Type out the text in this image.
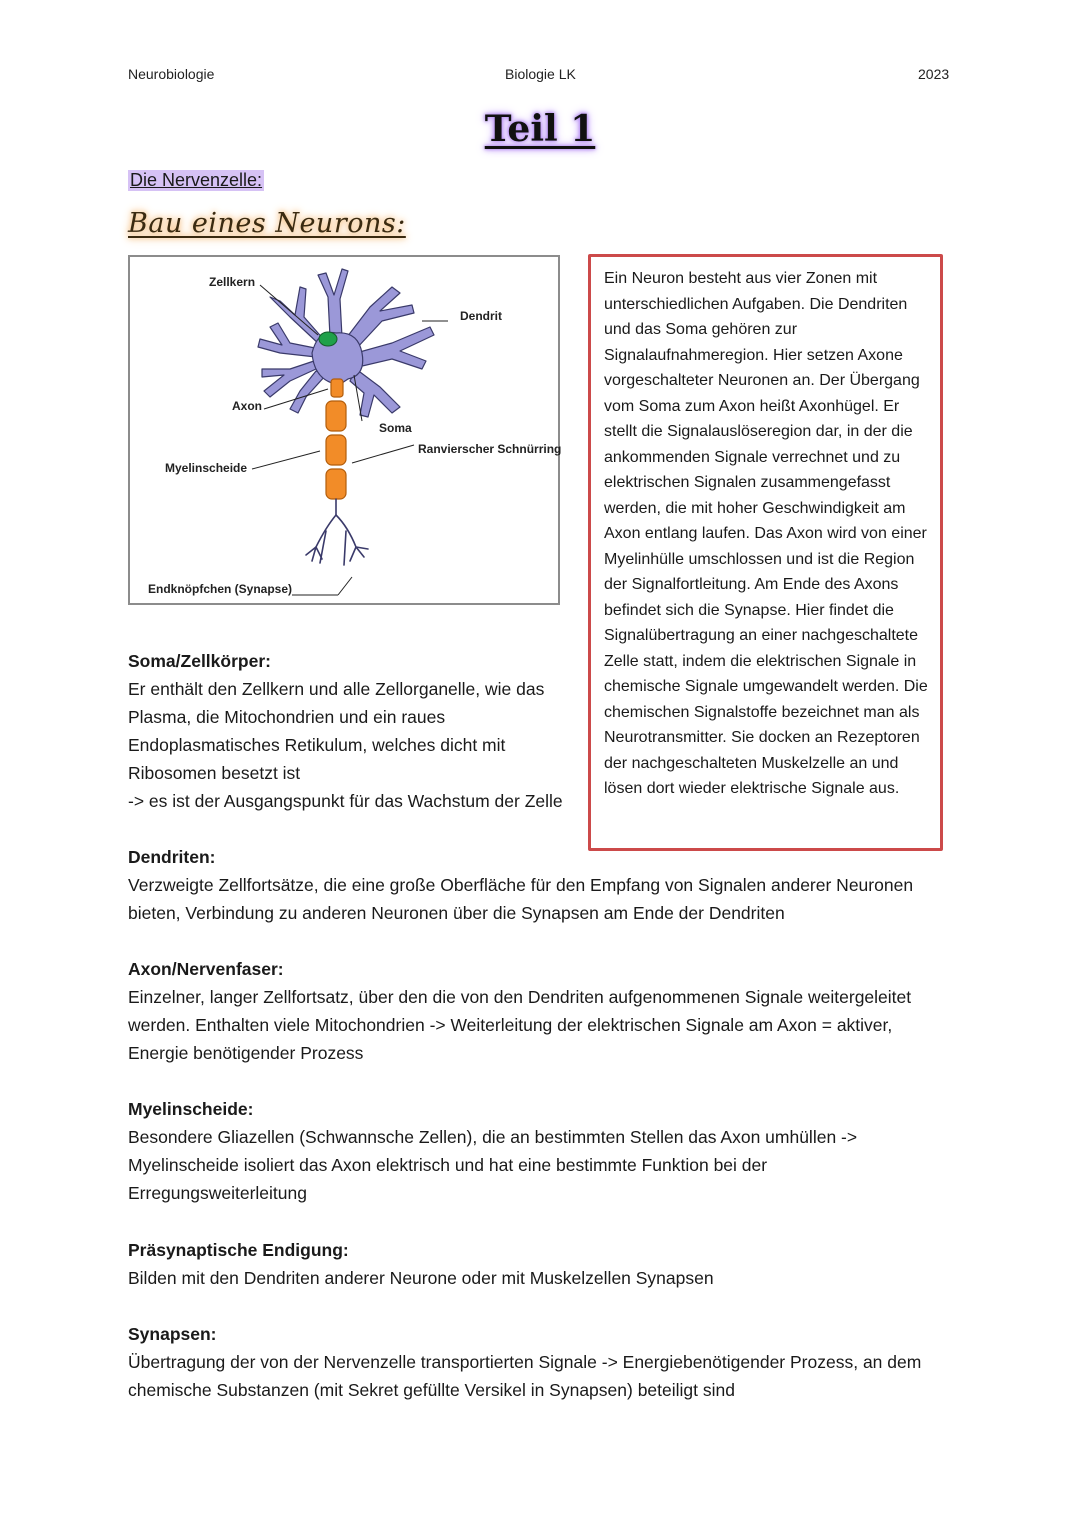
Neurobiologie	Biologie LK	2023
Teil 1
Die Nervenzelle:
Bau eines Neurons:
Zellkern
Dendrit
Axon
Soma
Ranvierscher Schnürring
Myelinscheide
Endknöpfchen (Synapse)
Ein Neuron besteht aus vier Zonen mit unterschiedlichen Aufgaben. Die Dendriten und das Soma gehören zur Signalaufnahmeregion. Hier setzen Axone vorgeschalteter Neuronen an. Der Übergang vom Soma zum Axon heißt Axonhügel. Er stellt die Signalauslöseregion dar, in der die ankommenden Signale verrechnet und zu elektrischen Signalen zusammengefasst werden, die mit hoher Geschwindigkeit am Axon entlang laufen. Das Axon wird von einer Myelinhülle umschlossen und ist die Region der Signalfortleitung. Am Ende des Axons befindet sich die Synapse. Hier findet die Signalübertragung an einer nachgeschaltete Zelle statt, indem die elektrischen Signale in chemische Signale umgewandelt werden. Die chemischen Signalstoffe bezeichnet man als Neurotransmitter. Sie docken an Rezeptoren der nachgeschalteten Muskelzelle an und lösen dort wieder elektrische Signale aus.
Soma/Zellkörper:

Er enthält den Zellkern und alle Zellorganelle, wie das Plasma, die Mitochondrien und ein raues Endoplasmatisches Retikulum, welches dicht mit Ribosomen besetzt ist

-> es ist der Ausgangspunkt für das Wachstum der Zelle

Dendriten:

Verzweigte Zellfortsätze, die eine große Oberfläche für den Empfang von Signalen anderer Neuronen bieten, Verbindung zu anderen Neuronen über die Synapsen am Ende der Dendriten

Axon/Nervenfaser:

Einzelner, langer Zellfortsatz, über den die von den Dendriten aufgenommenen Signale weitergeleitet werden. Enthalten viele Mitochondrien -> Weiterleitung der elektrischen Signale am Axon = aktiver, Energie benötigender Prozess

Myelinscheide:

Besondere Gliazellen (Schwannsche Zellen), die an bestimmten Stellen das Axon umhüllen -> Myelinscheide isoliert das Axon elektrisch und hat eine bestimmte Funktion bei der Erregungsweiterleitung

Präsynaptische Endigung:

Bilden mit den Dendriten anderer Neurone oder mit Muskelzellen Synapsen

Synapsen:

Übertragung der von der Nervenzelle transportierten Signale -> Energiebenötigender Prozess, an dem chemische Substanzen (mit Sekret gefüllte Versikel in Synapsen) beteiligt sind
